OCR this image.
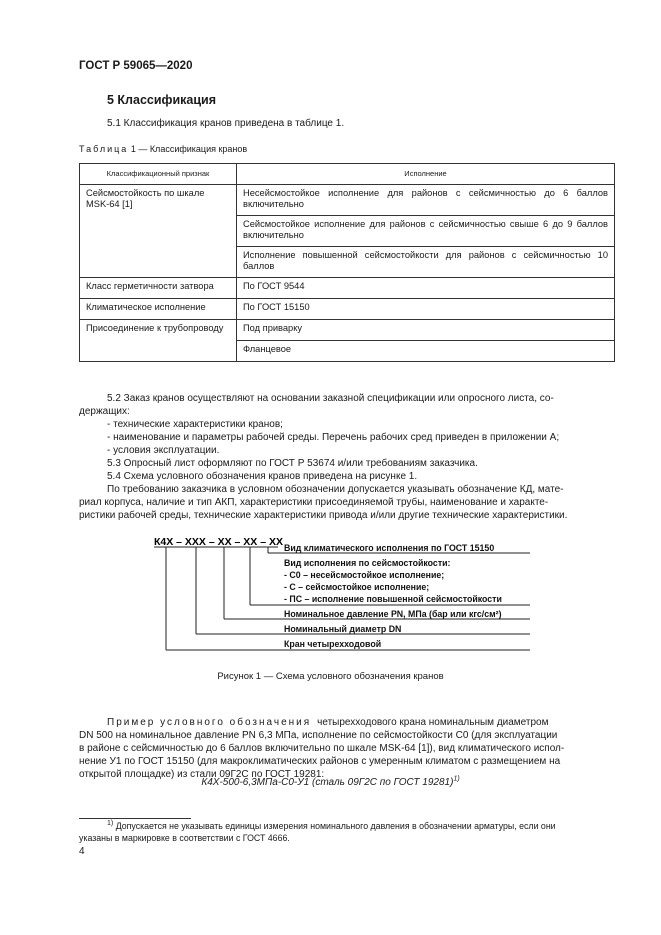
ГОСТ Р 59065—2020
5 Классификация
5.1 Классификация кранов приведена в таблице 1.
Таблица 1 — Классификация кранов
Классификационный признак	Исполнение
Сейсмостойкость по шкале MSK-64 [1]	Несейсмостойкое исполнение для районов с сейсмичностью до 6 баллов включительно
	Сейсмостойкое исполнение для районов с сейсмичностью свыше 6 до 9 баллов включительно
	Исполнение повышенной сейсмостойкости для районов с сейсмичностью 10 баллов
Класс герметичности затвора	По ГОСТ 9544
Климатическое исполнение	По ГОСТ 15150
Присоединение к трубопроводу	Под приварку
	Фланцевое
5.2 Заказ кранов осуществляют на основании заказной спецификации или опросного листа, со-
держащих:
- технические характеристики кранов;
- наименование и параметры рабочей среды. Перечень рабочих сред приведен в приложении А;
- условия эксплуатации.
5.3 Опросный лист оформляют по ГОСТ Р 53674 и/или требованиям заказчика.
5.4 Схема условного обозначения кранов приведена на рисунке 1.
По требованию заказчика в условном обозначении допускается указывать обозначение КД, мате-
риал корпуса, наличие и тип АКП, характеристики присоединяемой трубы, наименование и характе-
ристики рабочей среды, технические характеристики привода и/или другие технические характеристики.
К4Х – ХХХ – ХХ – ХХ – ХХ Вид климатического исполнения по ГОСТ 15150
Вид исполнения по сейсмостойкости:
- С0 – несейсмостойкое исполнение;
- С – сейсмостойкое исполнение;
- ПС – исполнение повышенной сейсмостойкости
Номинальное давление PN, МПа (бар или кгс/см²)
Номинальный диаметр DN
Кран четырехходовой
Рисунок 1 — Схема условного обозначения кранов
Пример условного обозначения четырехходового крана номинальным диаметром
DN 500 на номинальное давление PN 6,3 МПа, исполнение по сейсмостойкости С0 (для эксплуатации
в районе с сейсмичностью до 6 баллов включительно по шкале MSK-64 [1]), вид климатического испол-
нение У1 по ГОСТ 15150 (для макроклиматических районов с умеренным климатом с размещением на
открытой площадке) из стали 09Г2С по ГОСТ 19281:
К4Х-500-6,3МПа-С0-У1 (сталь 09Г2С по ГОСТ 19281)$^{1)}$
$^{1)}$ Допускается не указывать единицы измерения номинального давления в обозначении арматуры, если они
указаны в маркировке в соответствии с ГОСТ 4666.
4
